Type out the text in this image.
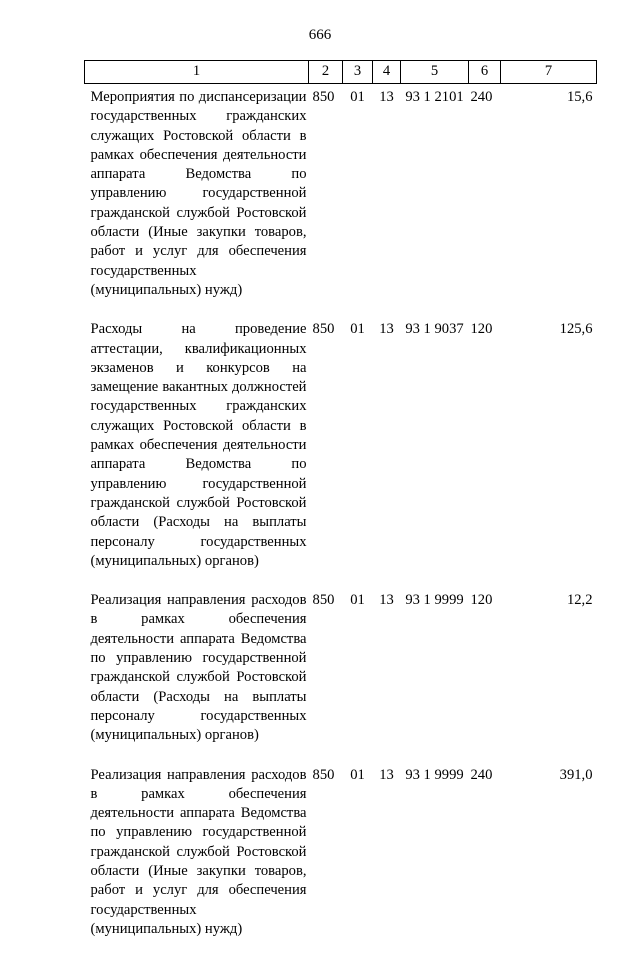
666
1	2	3	4	5	6	7
Мероприятия по диспансеризации государственных гражданских служащих Ростовской области в рамках обеспечения деятельности аппарата Ведомства по управлению государственной гражданской службой Ростовской области (Иные закупки товаров, работ и услуг для обеспечения государственных (муниципальных) нужд)	850	01	13	93 1 2101	240	15,6
Расходы на проведение аттестации, квалификационных экзаменов и конкурсов на замещение вакантных должностей государственных гражданских служащих Ростовской области в рамках обеспечения деятельности аппарата Ведомства по управлению государственной гражданской службой Ростовской области (Расходы на выплаты персоналу государственных (муниципальных) органов)	850	01	13	93 1 9037	120	125,6
Реализация направления расходов в рамках обеспечения деятельности аппарата Ведомства по управлению государственной гражданской службой Ростовской области (Расходы на выплаты персоналу государственных (муниципальных) органов)	850	01	13	93 1 9999	120	12,2
Реализация направления расходов в рамках обеспечения деятельности аппарата Ведомства по управлению государственной гражданской службой Ростовской области (Иные закупки товаров, работ и услуг для обеспечения государственных (муниципальных) нужд)	850	01	13	93 1 9999	240	391,0
